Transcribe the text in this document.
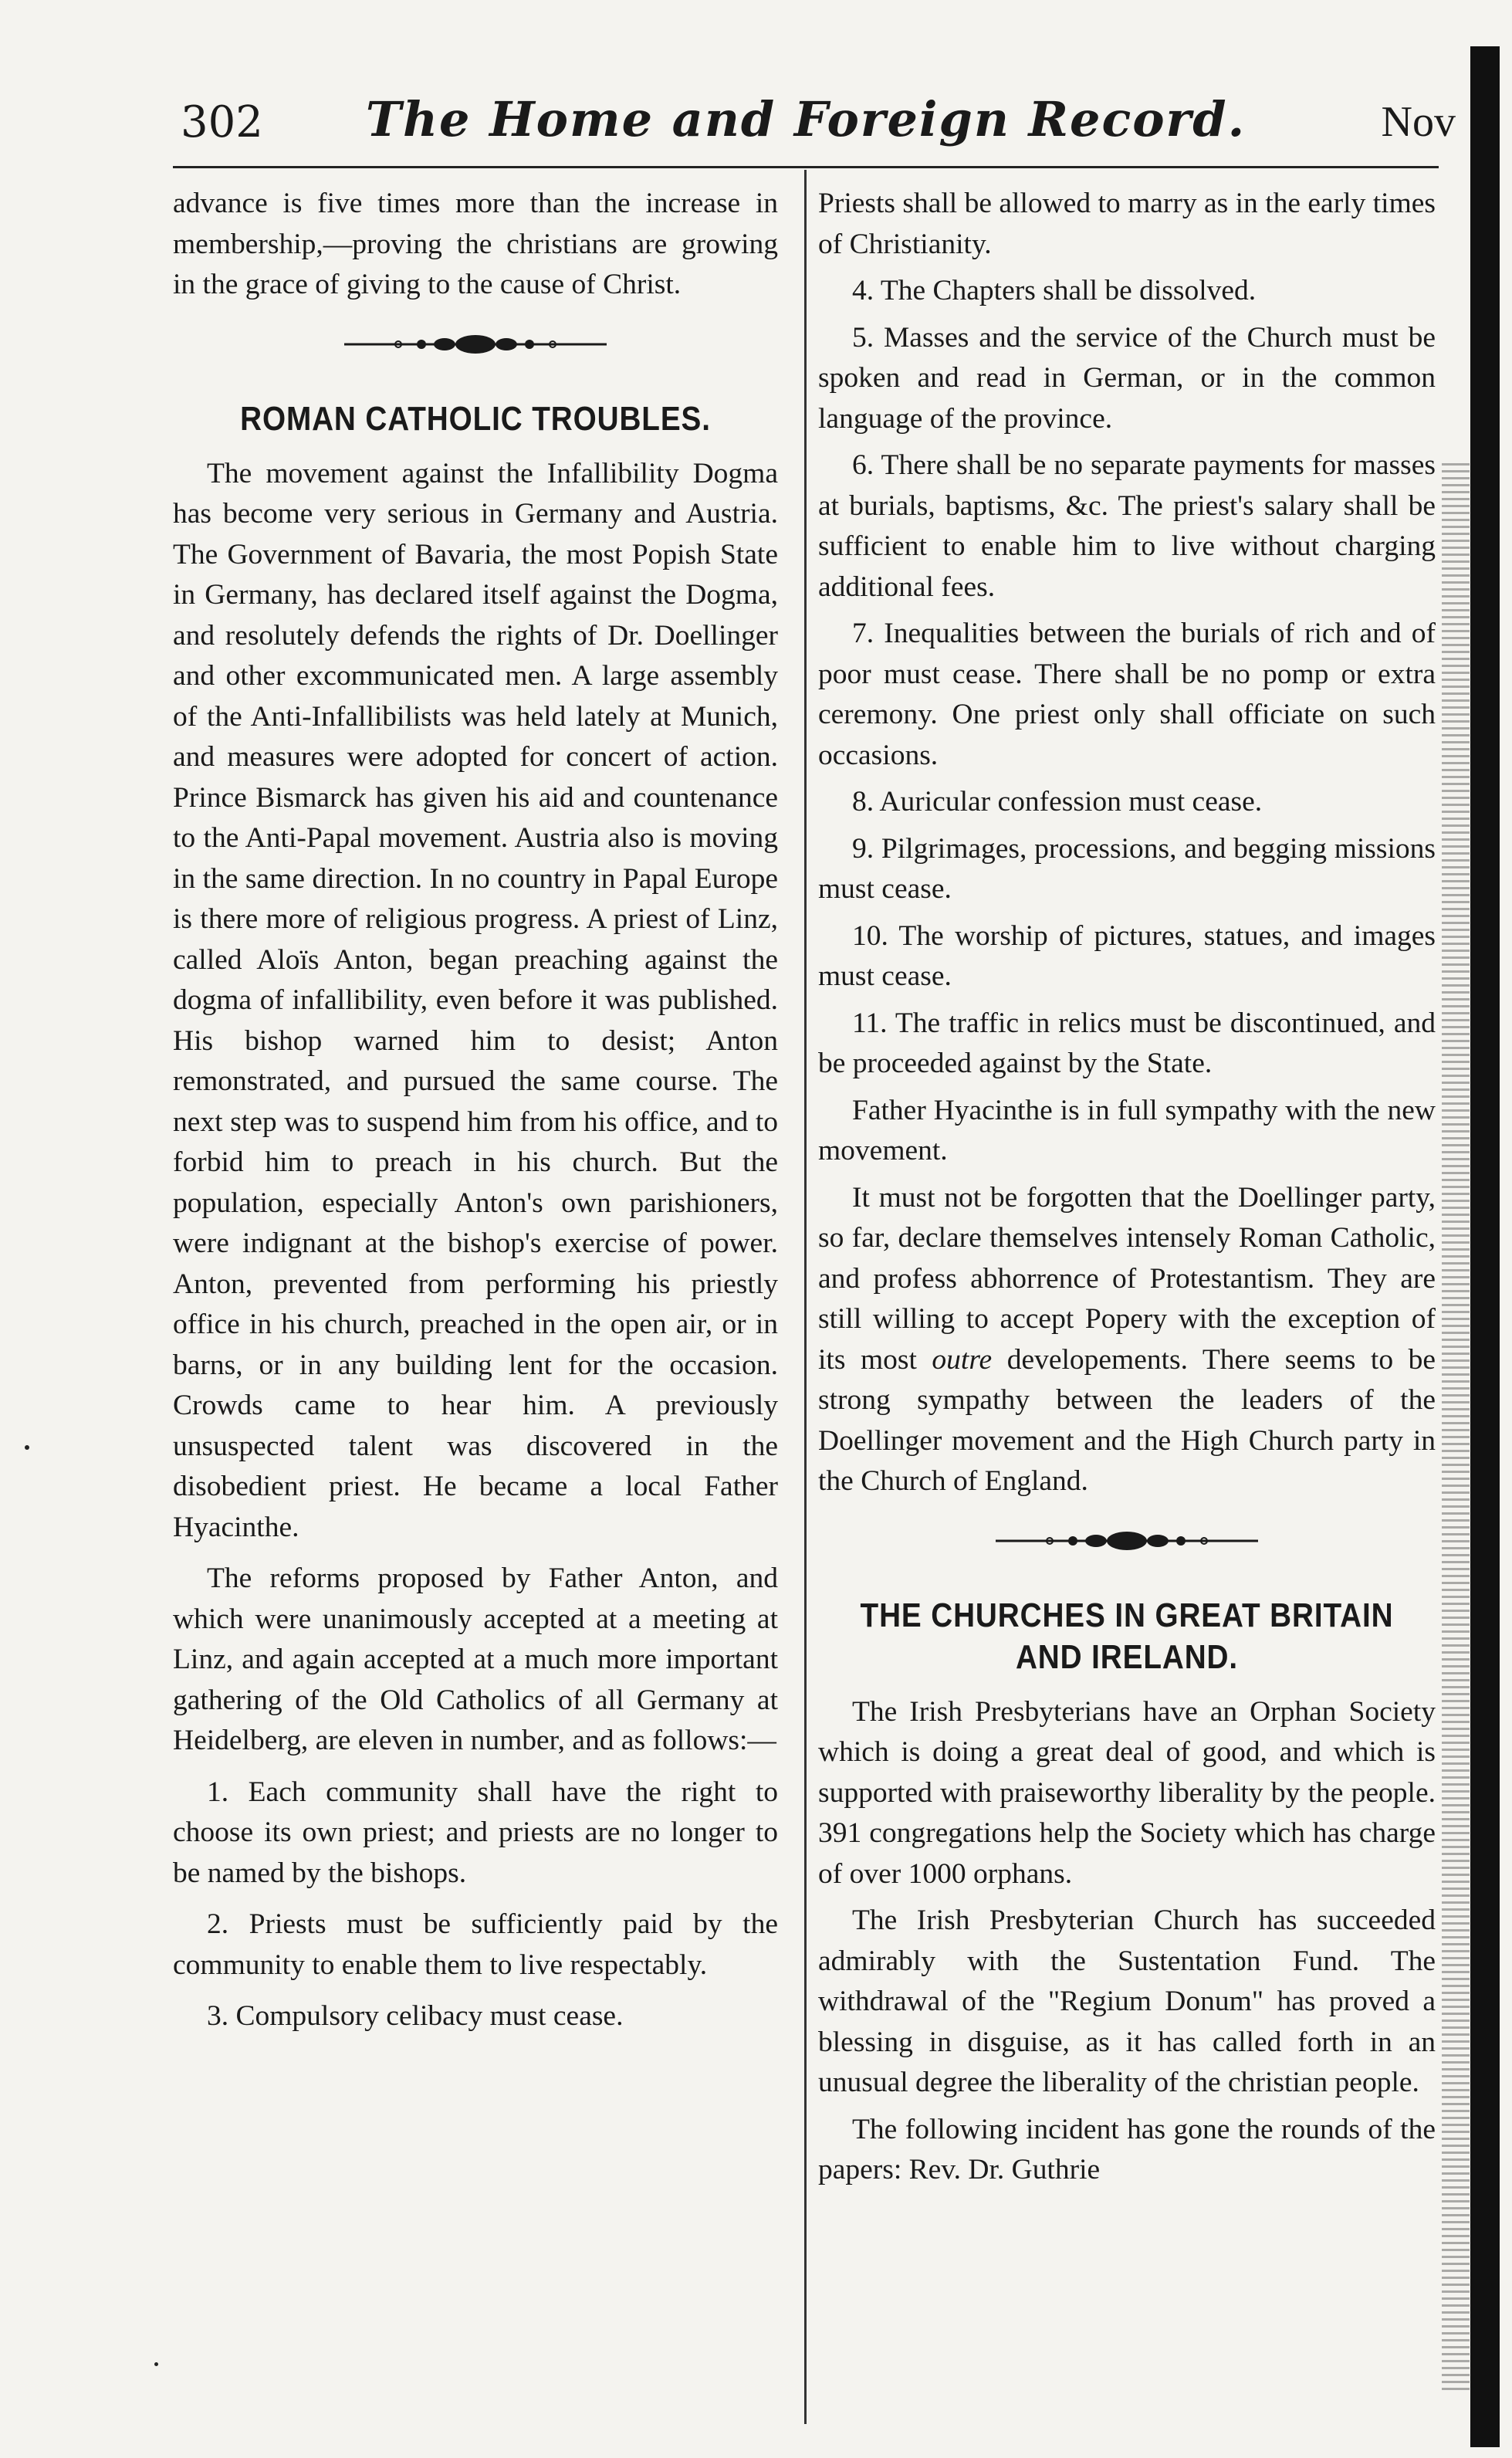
302	The Home and Foreign Record.	Nov

advance is five times more than the increase in membership,—proving the christians are growing in the grace of giving to the cause of Christ.

ROMAN CATHOLIC TROUBLES.

The movement against the Infallibility Dogma has become very serious in Germany and Austria. The Government of Bavaria, the most Popish State in Germany, has declared itself against the Dogma, and resolutely defends the rights of Dr. Doellinger and other excommunicated men. A large assembly of the Anti-Infallibilists was held lately at Munich, and measures were adopted for concert of action. Prince Bismarck has given his aid and countenance to the Anti-Papal movement. Austria also is moving in the same direction. In no country in Papal Europe is there more of religious progress. A priest of Linz, called Aloïs Anton, began preaching against the dogma of infallibility, even before it was published. His bishop warned him to desist; Anton remonstrated, and pursued the same course. The next step was to suspend him from his office, and to forbid him to preach in his church. But the population, especially Anton's own parishioners, were indignant at the bishop's exercise of power. Anton, prevented from performing his priestly office in his church, preached in the open air, or in barns, or in any building lent for the occasion. Crowds came to hear him. A previously unsuspected talent was discovered in the disobedient priest. He became a local Father Hyacinthe.

The reforms proposed by Father Anton, and which were unanimously accepted at a meeting at Linz, and again accepted at a much more important gathering of the Old Catholics of all Germany at Heidelberg, are eleven in number, and as follows:—

1. Each community shall have the right to choose its own priest; and priests are no longer to be named by the bishops.

2. Priests must be sufficiently paid by the community to enable them to live respectably.

3. Compulsory celibacy must cease.

Priests shall be allowed to marry as in the early times of Christianity.

4. The Chapters shall be dissolved.

5. Masses and the service of the Church must be spoken and read in German, or in the common language of the province.

6. There shall be no separate payments for masses at burials, baptisms, &c. The priest's salary shall be sufficient to enable him to live without charging additional fees.

7. Inequalities between the burials of rich and of poor must cease. There shall be no pomp or extra ceremony. One priest only shall officiate on such occasions.

8. Auricular confession must cease.

9. Pilgrimages, processions, and begging missions must cease.

10. The worship of pictures, statues, and images must cease.

11. The traffic in relics must be discontinued, and be proceeded against by the State.

Father Hyacinthe is in full sympathy with the new movement.

It must not be forgotten that the Doellinger party, so far, declare themselves intensely Roman Catholic, and profess abhorrence of Protestantism. They are still willing to accept Popery with the exception of its most outre developements. There seems to be strong sympathy between the leaders of the Doellinger movement and the High Church party in the Church of England.

THE CHURCHES IN GREAT BRITAIN AND IRELAND.

The Irish Presbyterians have an Orphan Society which is doing a great deal of good, and which is supported with praiseworthy liberality by the people. 391 congregations help the Society which has charge of over 1000 orphans.

The Irish Presbyterian Church has succeeded admirably with the Sustentation Fund. The withdrawal of the "Regium Donum" has proved a blessing in disguise, as it has called forth in an unusual degree the liberality of the christian people.

The following incident has gone the rounds of the papers: Rev. Dr. Guthrie
